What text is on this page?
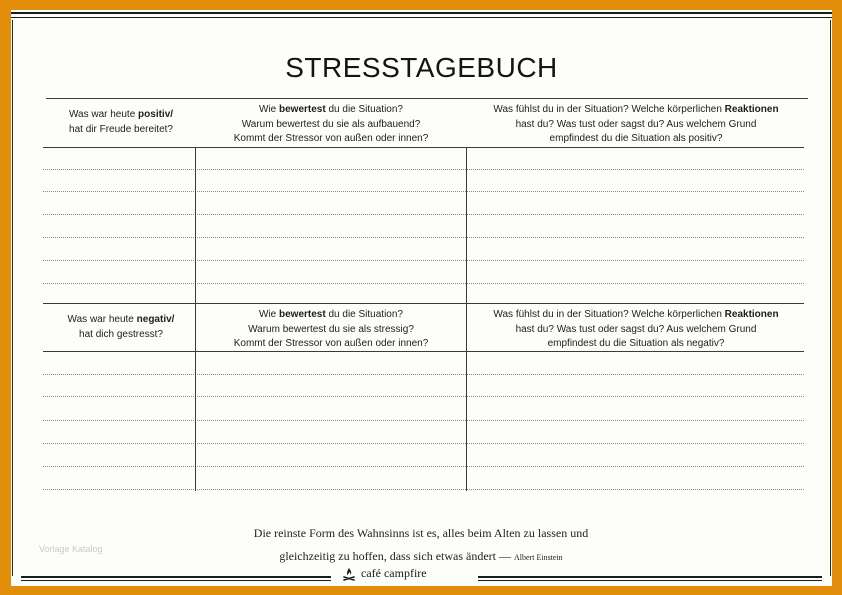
STRESSTAGEBUCH
Was war heute positiv/
hat dir Freude bereitet?
Wie bewertest du die Situation?
Warum bewertest du sie als aufbauend?
Kommt der Stressor von außen oder innen?
Was fühlst du in der Situation? Welche körperlichen Reaktionen
hast du? Was tust oder sagst du? Aus welchem Grund
empfindest du die Situation als positiv?
Was war heute negativ/
hat dich gestresst?
Wie bewertest du die Situation?
Warum bewertest du sie als stressig?
Kommt der Stressor von außen oder innen?
Was fühlst du in der Situation? Welche körperlichen Reaktionen
hast du? Was tust oder sagst du? Aus welchem Grund
empfindest du die Situation als negativ?
Die reinste Form des Wahnsinns ist es, alles beim Alten zu lassen und
gleichzeitig zu hoffen, dass sich etwas ändert — Albert Einstein
Vorlage Katalog
café campfire
